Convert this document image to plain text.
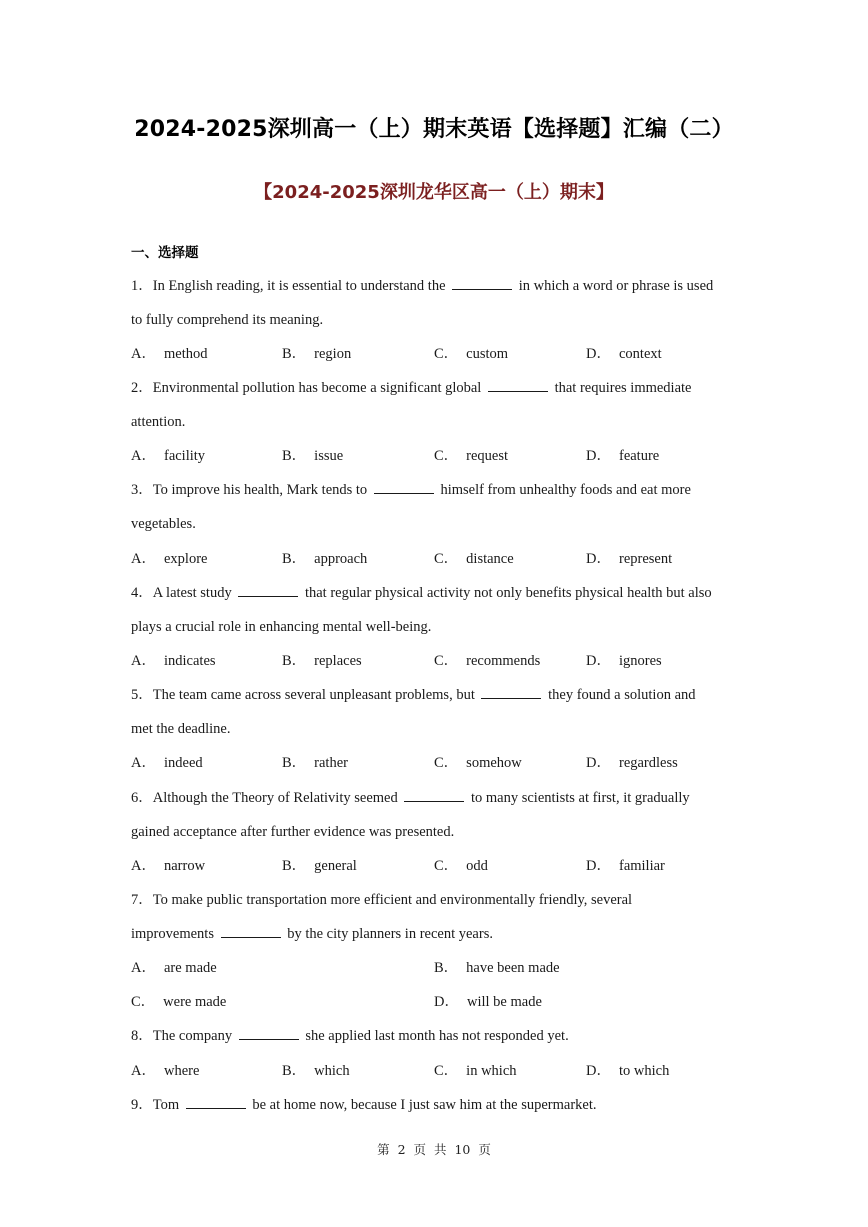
2024-2025深圳高一（上）期末英语【选择题】汇编（二）
【2024-2025深圳龙华区高一（上）期末】
一、选择题
1．In English reading, it is essential to understand the	in which a word or phrase is used
to fully comprehend its meaning.
A． method	B． region	C． custom	D． context
2．Environmental pollution has become a significant global	that requires immediate
attention.
A． facility	B． issue	C． request	D． feature
3．To improve his health, Mark tends to	himself from unhealthy foods and eat more
vegetables.
A． explore	B． approach	C． distance	D． represent
4．A latest study	that regular physical activity not only benefits physical health but also
plays a crucial role in enhancing mental well-being.
A． indicates	B． replaces	C． recommends	D． ignores
5．The team came across several unpleasant problems, but	they found a solution and
met the deadline.
A． indeed	B． rather	C． somehow	D． regardless
6．Although the Theory of Relativity seemed	to many scientists at first, it gradually
gained acceptance after further evidence was presented.
A． narrow	B． general	C． odd	D． familiar
7．To make public transportation more efficient and environmentally friendly, several
improvements	by the city planners in recent years.
A． are made	B． have been made
C． were made	D． will be made
8．The company	she applied last month has not responded yet.
A． where	B． which	C． in which	D． to which
9．Tom	be at home now, because I just saw him at the supermarket.
第 2 页 共 10 页
